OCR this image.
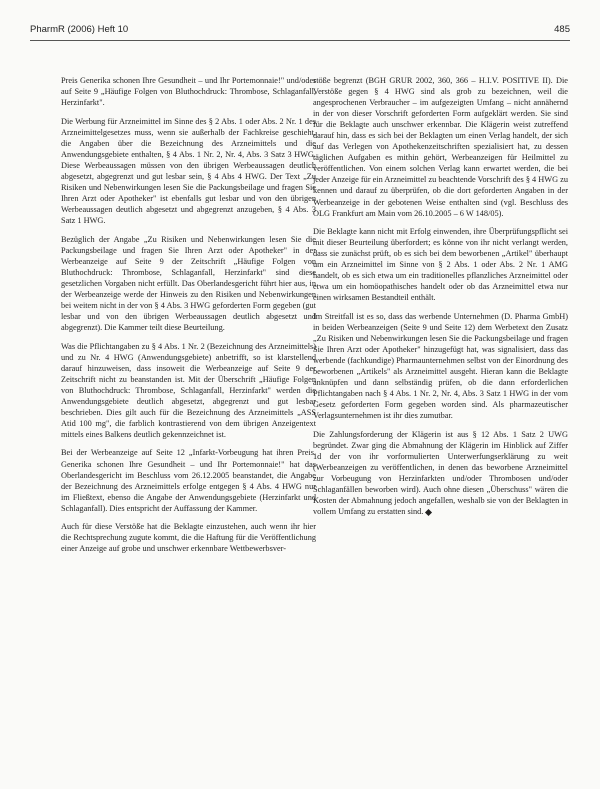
PharmR (2006) Heft 10	485

Preis Generika schonen Ihre Gesundheit – und Ihr Portemonnaie!" und/oder auf Seite 9 „Häufige Folgen von Bluthochdruck: Thrombose, Schlaganfall, Herzinfarkt".

Die Werbung für Arzneimittel im Sinne des § 2 Abs. 1 oder Abs. 2 Nr. 1 des Arzneimittelgesetzes muss, wenn sie außerhalb der Fachkreise geschieht, die Angaben über die Bezeichnung des Arzneimittels und die Anwendungsgebiete enthalten, § 4 Abs. 1 Nr. 2, Nr. 4, Abs. 3 Satz 3 HWG. Diese Werbeaussagen müssen von den übrigen Werbeaussagen deutlich abgesetzt, abgegrenzt und gut lesbar sein, § 4 Abs 4 HWG. Der Text „Zu Risiken und Nebenwirkungen lesen Sie die Packungsbeilage und fragen Sie Ihren Arzt oder Apotheker" ist ebenfalls gut lesbar und von den übrigen Werbeaussagen deutlich abgesetzt und abgegrenzt anzugeben, § 4 Abs. 3 Satz 1 HWG.

Bezüglich der Angabe „Zu Risiken und Nebenwirkungen lesen Sie die Packungsbeilage und fragen Sie Ihren Arzt oder Apotheker" in der Werbeanzeige auf Seite 9 der Zeitschrift „Häufige Folgen von Bluthochdruck: Thrombose, Schlaganfall, Herzinfarkt" sind diese gesetzlichen Vorgaben nicht erfüllt. Das Oberlandesgericht führt hier aus, in der Werbeanzeige werde der Hinweis zu den Risiken und Nebenwirkungen bei weitem nicht in der von § 4 Abs. 3 HWG geforderten Form gegeben (gut lesbar und von den übrigen Werbeaussagen deutlich abgesetzt und abgegrenzt). Die Kammer teilt diese Beurteilung.

Was die Pflichtangaben zu § 4 Abs. 1 Nr. 2 (Bezeichnung des Arzneimittels) und zu Nr. 4 HWG (Anwendungsgebiete) anbetrifft, so ist klarstellend darauf hinzuweisen, dass insoweit die Werbeanzeige auf Seite 9 der Zeitschrift nicht zu beanstanden ist. Mit der Überschrift „Häufige Folgen von Bluthochdruck: Thrombose, Schlaganfall, Herzinfarkt" werden die Anwendungsgebiete deutlich abgesetzt, abgegrenzt und gut lesbar beschrieben. Dies gilt auch für die Bezeichnung des Arzneimittels „ASS Atid 100 mg", die farblich kontrastierend von dem übrigen Anzeigentext mittels eines Balkens deutlich gekennzeichnet ist.

Bei der Werbeanzeige auf Seite 12 „Infarkt-Vorbeugung hat ihren Preis. Generika schonen Ihre Gesundheit – und Ihr Portemonnaie!" hat das Oberlandesgericht im Beschluss vom 26.12.2005 beanstandet, die Angabe der Bezeichnung des Arzneimittels erfolge entgegen § 4 Abs. 4 HWG nur im Fließtext, ebenso die Angabe der Anwendungsgebiete (Herzinfarkt und Schlaganfall). Dies entspricht der Auffassung der Kammer.

Auch für diese Verstöße hat die Beklagte einzustehen, auch wenn ihr hier die Rechtsprechung zugute kommt, die die Haftung für die Veröffentlichung einer Anzeige auf grobe und unschwer erkennbare Wettbewerbsver-

stöße begrenzt (BGH GRUR 2002, 360, 366 – H.I.V. POSITIVE II). Die Verstöße gegen § 4 HWG sind als grob zu bezeichnen, weil die angesprochenen Verbraucher – im aufgezeigten Umfang – nicht annähernd in der von dieser Vorschrift geforderten Form aufgeklärt werden. Sie sind für die Beklagte auch unschwer erkennbar. Die Klägerin weist zutreffend darauf hin, dass es sich bei der Beklagten um einen Verlag handelt, der sich auf das Verlegen von Apothekenzeitschriften spezialisiert hat, zu dessen täglichen Aufgaben es mithin gehört, Werbeanzeigen für Heilmittel zu veröffentlichen. Von einem solchen Verlag kann erwartet werden, die bei jeder Anzeige für ein Arzneimittel zu beachtende Vorschrift des § 4 HWG zu kennen und darauf zu überprüfen, ob die dort geforderten Angaben in der Werbeanzeige in der gebotenen Weise enthalten sind (vgl. Beschluss des OLG Frankfurt am Main vom 26.10.2005 – 6 W 148/05).

Die Beklagte kann nicht mit Erfolg einwenden, ihre Überprüfungspflicht sei mit dieser Beurteilung überfordert; es könne von ihr nicht verlangt werden, dass sie zunächst prüft, ob es sich bei dem beworbenen „Artikel" überhaupt um ein Arzneimittel im Sinne von § 2 Abs. 1 oder Abs. 2 Nr. 1 AMG handelt, ob es sich etwa um ein traditionelles pflanzliches Arzneimittel oder etwa um ein homöopathisches handelt oder ob das Arzneimittel etwa nur einen wirksamen Bestandteil enthält.

Im Streitfall ist es so, dass das werbende Unternehmen (D. Pharma GmbH) in beiden Werbeanzeigen (Seite 9 und Seite 12) dem Werbetext den Zusatz „Zu Risiken und Nebenwirkungen lesen Sie die Packungsbeilage und fragen Sie Ihren Arzt oder Apotheker" hinzugefügt hat, was signalisiert, dass das werbende (fachkundige) Pharmaunternehmen selbst von der Einordnung des beworbenen „Artikels" als Arzneimittel ausgeht. Hieran kann die Beklagte anknüpfen und dann selbständig prüfen, ob die dann erforderlichen Pflichtangaben nach § 4 Abs. 1 Nr. 2, Nr. 4, Abs. 3 Satz 1 HWG in der vom Gesetz geforderten Form gegeben worden sind. Als pharmazeutischer Verlagsunternehmen ist ihr dies zumutbar.

Die Zahlungsforderung der Klägerin ist aus § 12 Abs. 1 Satz 2 UWG begründet. Zwar ging die Abmahnung der Klägerin im Hinblick auf Ziffer 1d der von ihr vorformulierten Unterwerfungserklärung zu weit (Werbeanzeigen zu veröffentlichen, in denen das beworbene Arzneimittel zur Vorbeugung von Herzinfarkten und/oder Thrombosen und/oder Schlaganfällen beworben wird). Auch ohne diesen „Überschuss" wären die Kosten der Abmahnung jedoch angefallen, weshalb sie von der Beklagten in vollem Umfang zu erstatten sind.
